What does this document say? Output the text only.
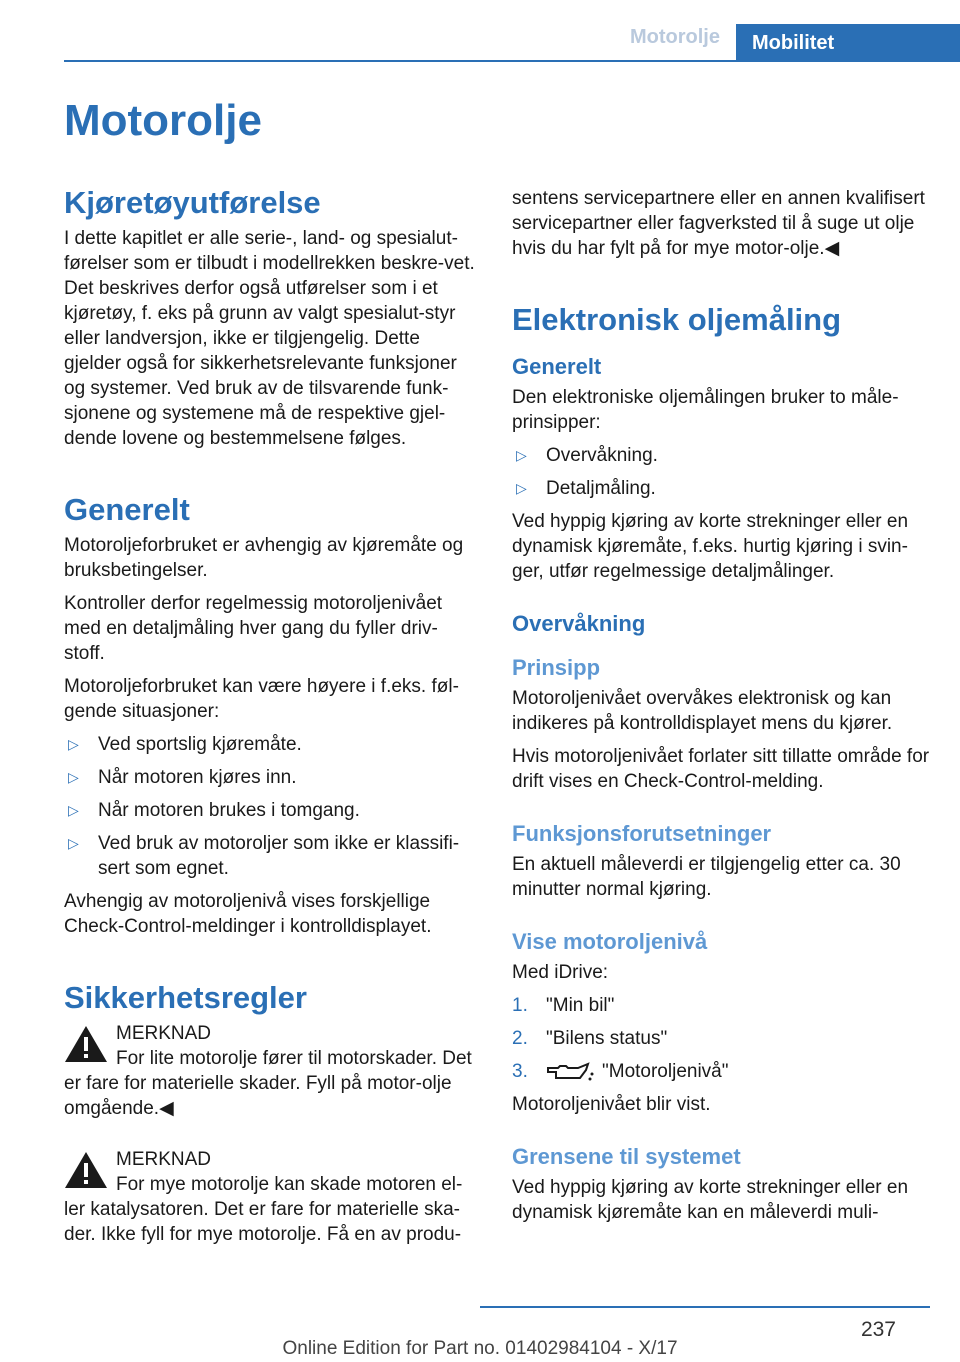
Motorolje	Mobilitet
Motorolje
Kjøretøyutførelse

I dette kapitlet er alle serie-, land- og spesialut-førelser som er tilbudt i modellrekken beskre-vet. Det beskrives derfor også utførelser som i et kjøretøy, f. eks på grunn av valgt spesialut-styr eller landversjon, ikke er tilgjengelig. Dette gjelder også for sikkerhetsrelevante funksjoner og systemer. Ved bruk av de tilsvarende funk-sjonene og systemene må de respektive gjel-dende lovene og bestemmelsene følges.

Generelt

Motoroljeforbruket er avhengig av kjøremåte og bruksbetingelser.

Kontroller derfor regelmessig motoroljenivået med en detaljmåling hver gang du fyller driv-stoff.

Motoroljeforbruket kan være høyere i f.eks. føl-gende situasjoner:

▷ Ved sportslig kjøremåte.
▷ Når motoren kjøres inn.
▷ Når motoren brukes i tomgang.
▷ Ved bruk av motoroljer som ikke er klassifi-sert som egnet.

Avhengig av motoroljenivå vises forskjellige Check-Control-meldinger i kontrolldisplayet.

Sikkerhetsregler
MERKNAD
For lite motorolje fører til motorskader. Det er fare for materielle skader. Fyll på motor-olje omgående.◀
MERKNAD
For mye motorolje kan skade motoren el-ler katalysatoren. Det er fare for materielle ska-der. Ikke fyll for mye motorolje. Få en av produ-

sentens servicepartnere eller en annen kvalifisert servicepartner eller fagverksted til å suge ut olje hvis du har fylt på for mye motor-olje.◀

Elektronisk oljemåling
Generelt

Den elektroniske oljemålingen bruker to måle-prinsipper:

▷ Overvåkning.
▷ Detaljmåling.

Ved hyppig kjøring av korte strekninger eller en dynamisk kjøremåte, f.eks. hurtig kjøring i svin-ger, utfør regelmessige detaljmålinger.

Overvåkning
Prinsipp

Motoroljenivået overvåkes elektronisk og kan indikeres på kontrolldisplayet mens du kjører.

Hvis motoroljenivået forlater sitt tillatte område for drift vises en Check-Control-melding.

Funksjonsforutsetninger

En aktuell måleverdi er tilgjengelig etter ca. 30 minutter normal kjøring.

Vise motoroljenivå

Med iDrive:

1. "Min bil"
2. "Bilens status"
3.	"Motoroljenivå"

Motoroljenivået blir vist.

Grensene til systemet

Ved hyppig kjøring av korte strekninger eller en dynamisk kjøremåte kan en måleverdi muli-

237
Online Edition for Part no. 01402984104 - X/17
